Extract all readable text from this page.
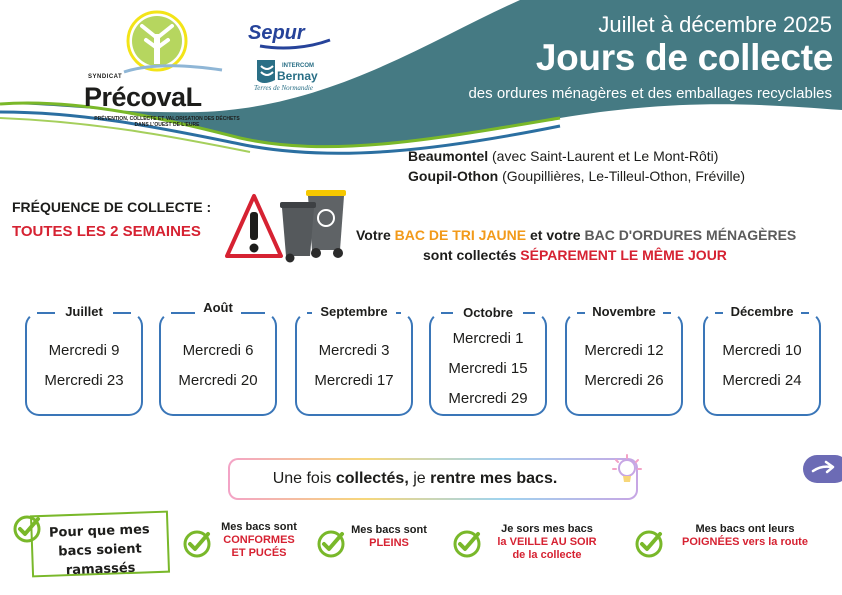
SYNDICAT
PrécovaL
PRÉVENTION, COLLECTE ET VALORISATION DES DÉCHETS DANS L'OUEST DE L'EURE
Sepur
INTERCOM
Bernay
Terres de Normandie
Juillet à décembre 2025
Jours de collecte
des ordures ménagères et des emballages recyclables
Beaumontel (avec Saint-Laurent et Le Mont-Rôti)
Goupil-Othon (Goupillières, Le-Tilleul-Othon, Fréville)
FRÉQUENCE DE COLLECTE :
TOUTES LES 2 SEMAINES	Votre BAC DE TRI JAUNE et votre BAC D'ORDURES MÉNAGÈRES
sont collectés SÉPAREMENT LE MÊME JOUR
Juillet
Mercredi 9
Mercredi 23
Août
Mercredi 6
Mercredi 20
Septembre
Mercredi 3
Mercredi 17
Octobre
Mercredi 1
Mercredi 15
Mercredi 29
Novembre
Mercredi 12
Mercredi 26
Décembre
Mercredi 10
Mercredi 24
Une fois collectés, je rentre mes bacs.
Pour que mes
bacs soient ramassés
Mes bacs sont
CONFORMES
ET PUCÉS
Mes bacs sont
PLEINS
Je sors mes bacs
la VEILLE AU SOIR
de la collecte
Mes bacs ont leurs
POIGNÉES vers la route
